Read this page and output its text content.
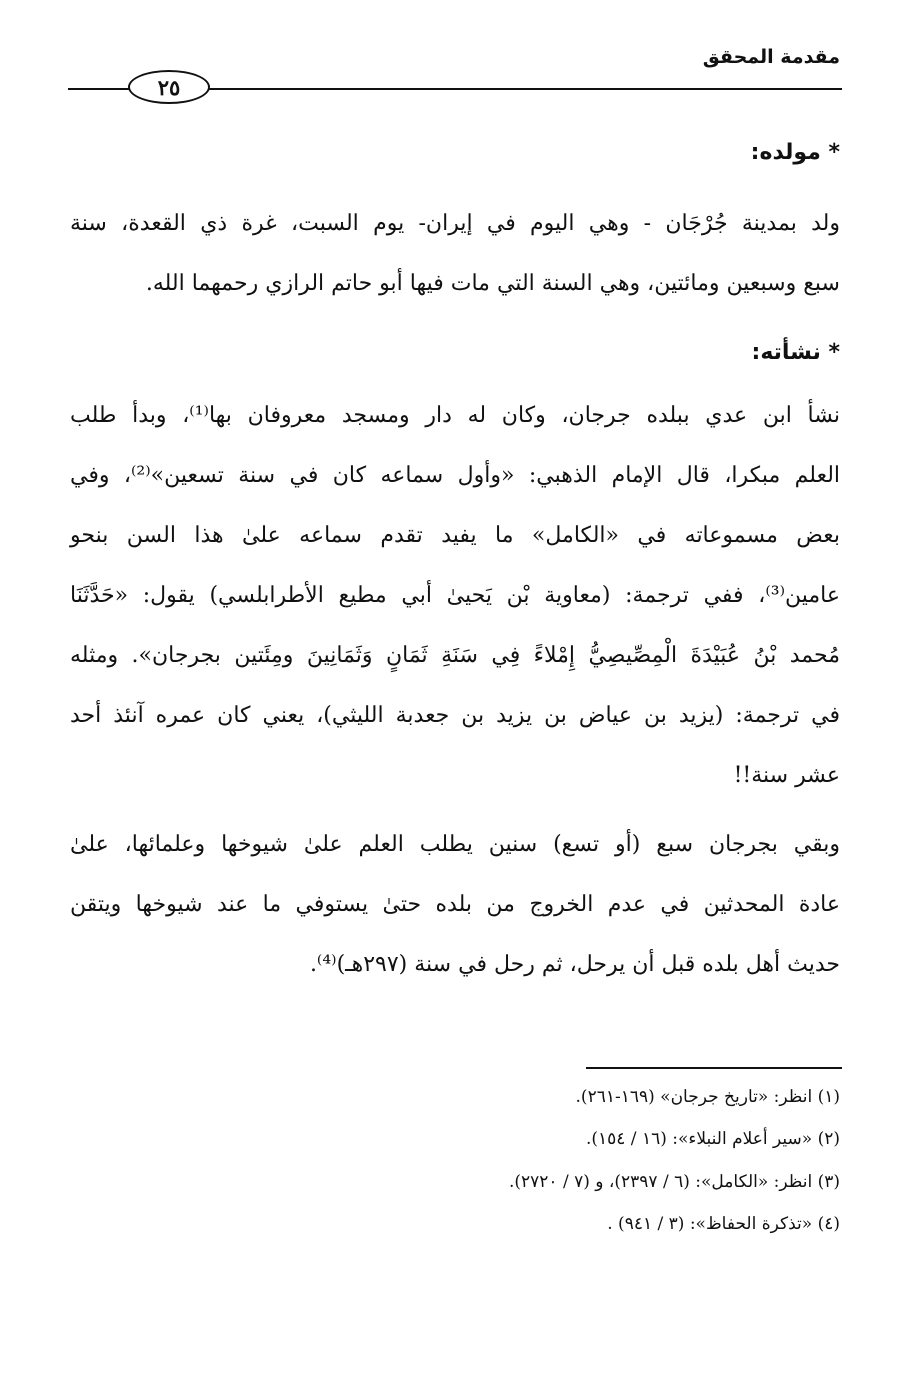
مقدمة المحقق
٢٥
* مولده:
ولد بمدينة جُرْجَان - وهي اليوم في إيران- يوم السبت، غرة ذي القعدة، سنة
سبع وسبعين ومائتين، وهي السنة التي مات فيها أبو حاتم الرازي رحمهما الله.
* نشأته:
نشأ ابن عدي ببلده جرجان، وكان له دار ومسجد معروفان بها⁽¹⁾، وبدأ طلب
العلم مبكرا، قال الإمام الذهبي: «وأول سماعه كان في سنة تسعين»⁽²⁾، وفي
بعض مسموعاته في «الكامل» ما يفيد تقدم سماعه علىٰ هذا السن بنحو
عامين⁽³⁾، ففي ترجمة: (معاوية بْن يَحيىٰ أبي مطيع الأطرابلسي) يقول: «حَدَّثَنَا
مُحمد بْنُ عُبَيْدَةَ الْمِصِّيصِيُّ إِمْلاءً فِي سَنَةِ ثَمَانٍ وَثَمَانِينَ ومِئَتين بجرجان». ومثله
في ترجمة: (يزيد بن عياض بن يزيد بن جعدبة الليثي)، يعني كان عمره آنئذ أحد
عشر سنة!!
وبقي بجرجان سبع (أو تسع) سنين يطلب العلم علىٰ شيوخها وعلمائها، علىٰ
عادة المحدثين في عدم الخروج من بلده حتىٰ يستوفي ما عند شيوخها ويتقن
حديث أهل بلده قبل أن يرحل، ثم رحل في سنة (٢٩٧هـ)⁽⁴⁾.
(١) انظر: «تاريخ جرجان» (١٦٩-٢٦١).
(٢) «سير أعلام النبلاء»: (١٦ / ١٥٤).
(٣) انظر: «الكامل»: (٦ / ٢٣٩٧)، و (٧ / ٢٧٢٠).
(٤) «تذكرة الحفاظ»: (٣ / ٩٤١) .
